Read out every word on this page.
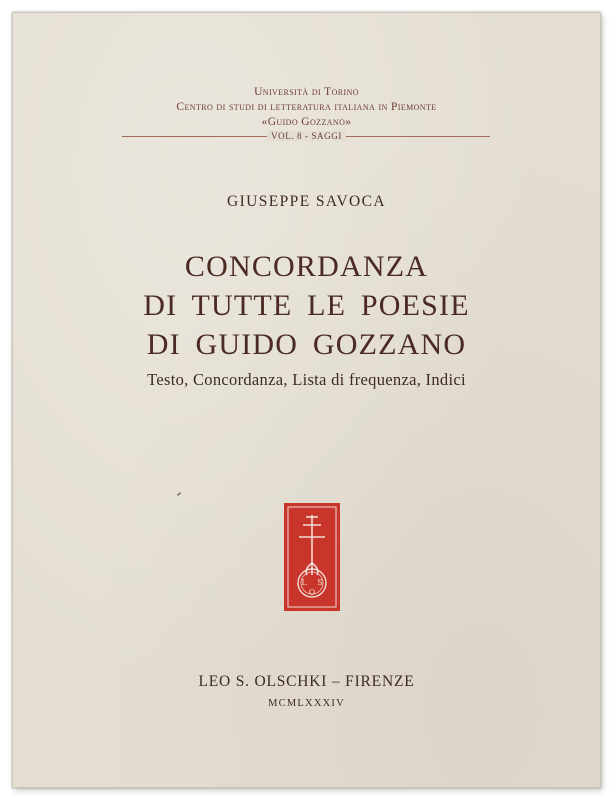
Università di Torino
Centro di studi di letteratura italiana in Piemonte
«Guido Gozzano»
VOL. 8 - SAGGI
GIUSEPPE SAVOCA
CONCORDANZA
DI TUTTE LE POESIE
DI GUIDO GOZZANO
Testo, Concordanza, Lista di frequenza, Indici
L S
O
LEO S. OLSCHKI – FIRENZE
MCMLXXXIV
